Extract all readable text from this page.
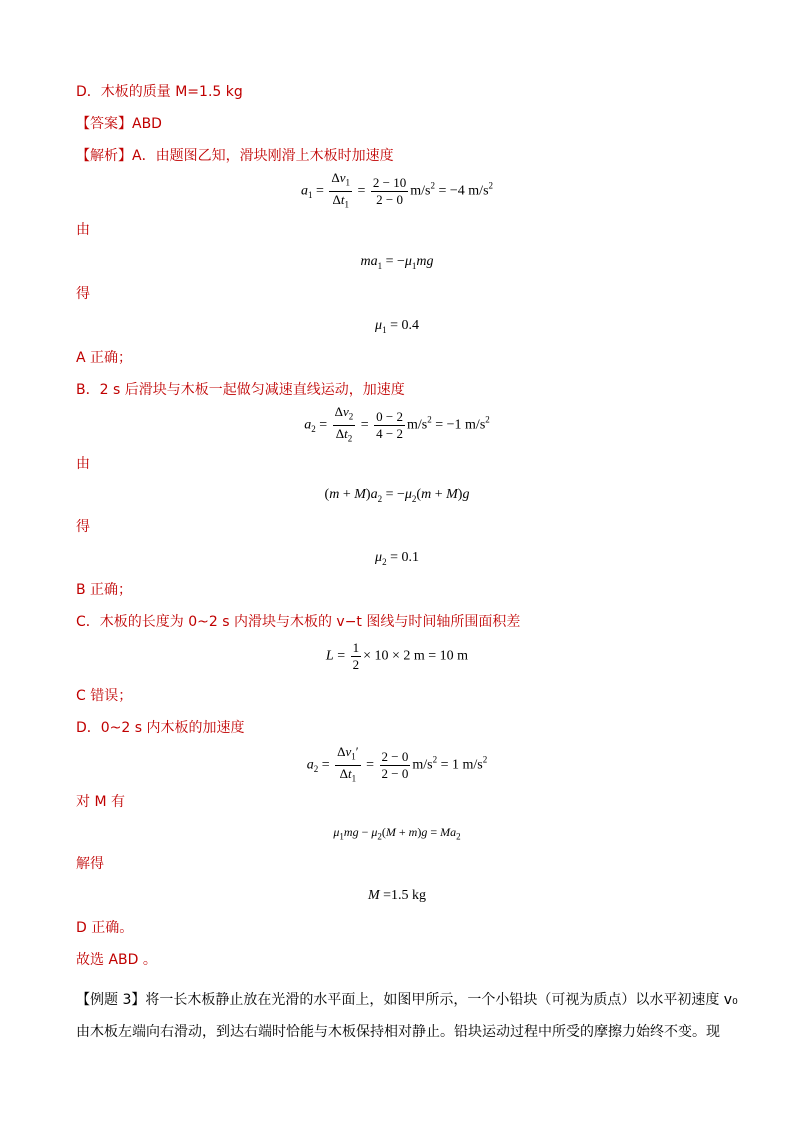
D．木板的质量 M=1.5 kg
【答案】ABD
【解析】A．由题图乙知，滑块刚滑上木板时加速度
$a_1 = \frac{\Delta v_1}{\Delta t_1} = \frac{2 - 10}{2 - 0} m/s^2 = -4$ $m/s^2$
由
$ma_1 = -\mu_1mg$
得
$\mu_1 = 0.4$
A 正确；
B．2 s 后滑块与木板一起做匀减速直线运动，加速度
$a_2 = \frac{\Delta v_2}{\Delta t_2} = \frac{0 - 2}{4 - 2} m/s^2 = -1$ $m/s^2$
由
$(m + M)a_2 = -\mu_2(m + M)g$
得
$\mu_2 = 0.1$
B 正确；
C．木板的长度为 0~2 s 内滑块与木板的 v−t 图线与时间轴所围面积差
$L = \frac{1}{2} \times 10 \times 2$ m = 10 m
C 错误；
D．0~2 s 内木板的加速度
$a_2 = \frac{\Delta v_1'}{\Delta t_1} = \frac{2 - 0}{2 - 0} m/s^2 = 1$ $m/s^2$
对 M 有
$\mu_1mg - \mu_2(M + m)g = Ma_2$
解得
M =1.5 kg
D 正确。
故选 ABD 。
【例题 3】将一长木板静止放在光滑的水平面上，如图甲所示，一个小铅块（可视为质点）以水平初速度 v₀
由木板左端向右滑动，到达右端时恰能与木板保持相对静止。铅块运动过程中所受的摩擦力始终不变。现
